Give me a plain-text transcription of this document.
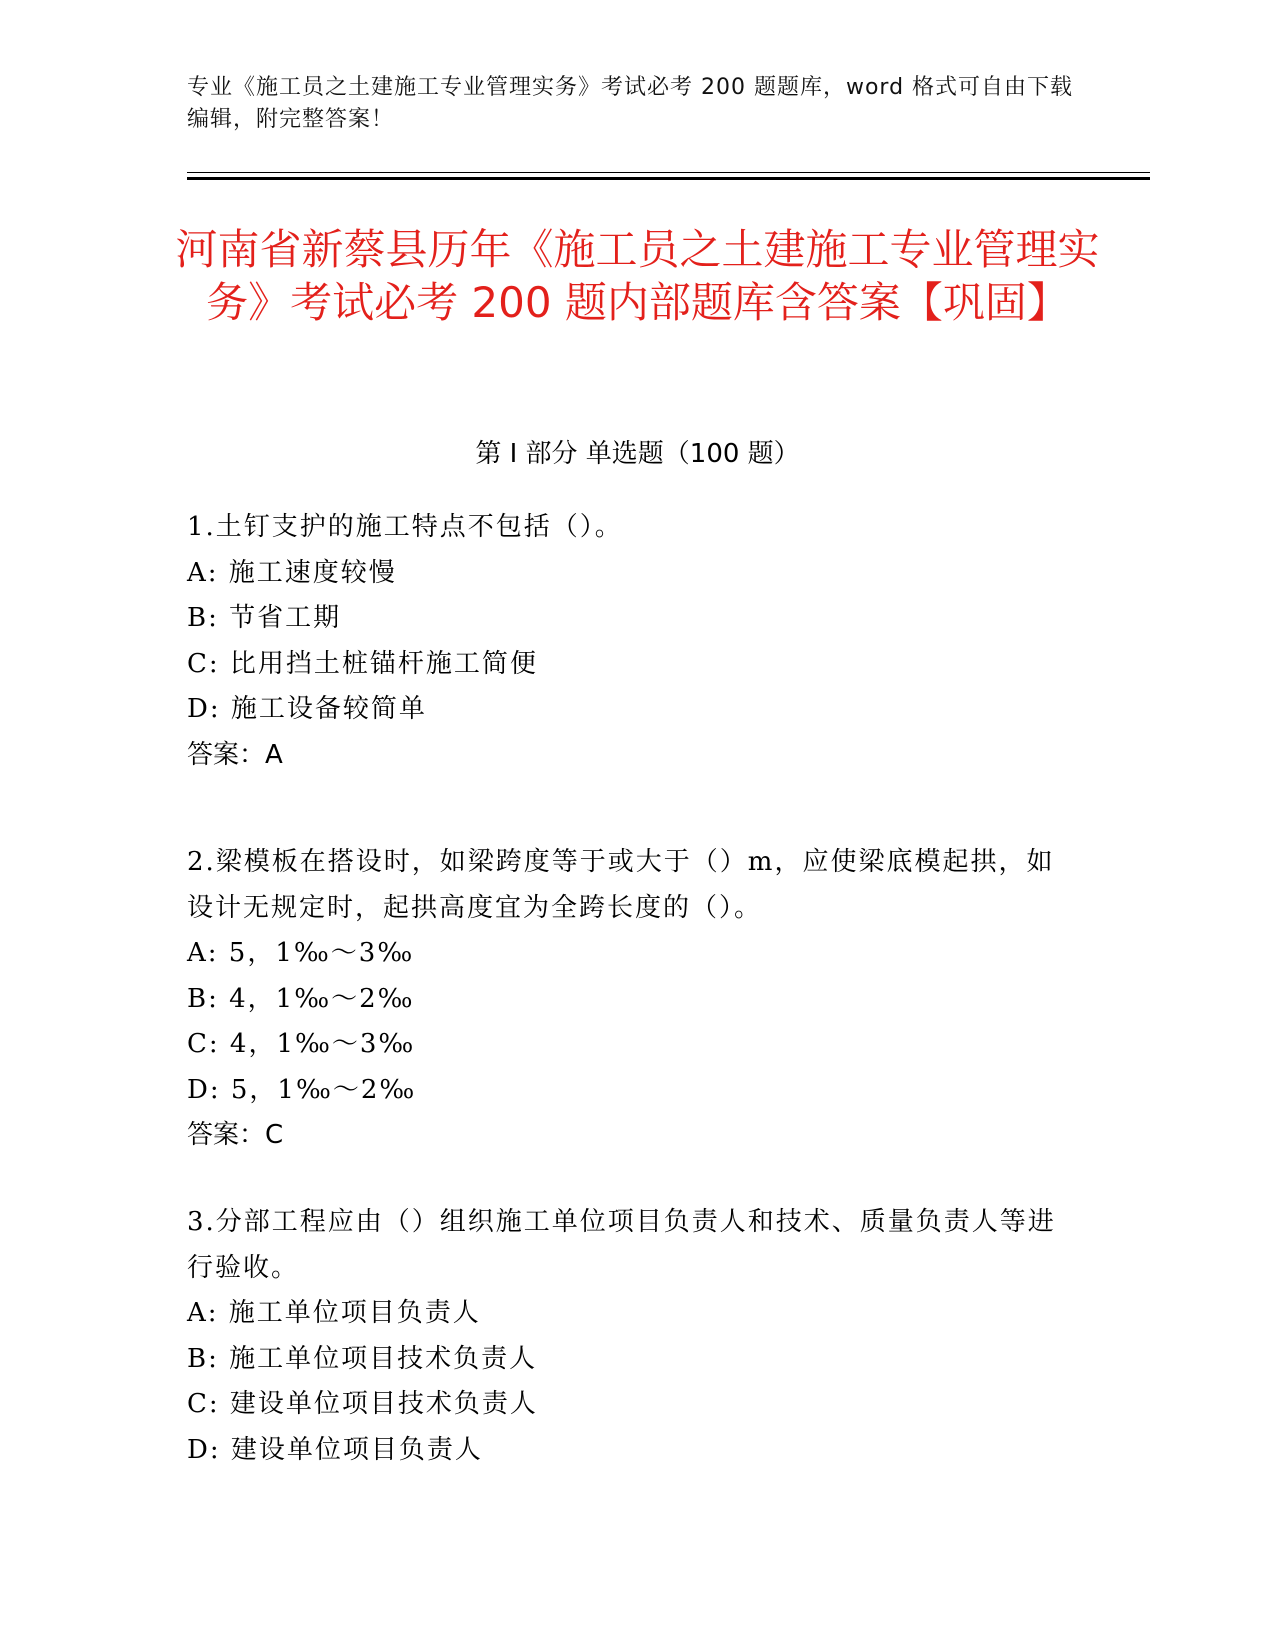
专业《施工员之土建施工专业管理实务》考试必考 200 题题库，word 格式可自由下载编辑，附完整答案！
河南省新蔡县历年《施工员之土建施工专业管理实务》考试必考 200 题内部题库含答案【巩固】
第 I 部分 单选题（100 题）

1.土钉支护的施工特点不包括（）。

A: 施工速度较慢

B: 节省工期

C: 比用挡土桩锚杆施工简便

D: 施工设备较简单

答案：A

2.梁模板在搭设时，如梁跨度等于或大于（）m，应使梁底模起拱，如设计无规定时，起拱高度宜为全跨长度的（）。

A: 5，1‰～3‰

B: 4，1‰～2‰

C: 4，1‰～3‰

D: 5，1‰～2‰

答案：C

3.分部工程应由（）组织施工单位项目负责人和技术、质量负责人等进行验收。

A: 施工单位项目负责人

B: 施工单位项目技术负责人

C: 建设单位项目技术负责人

D: 建设单位项目负责人
